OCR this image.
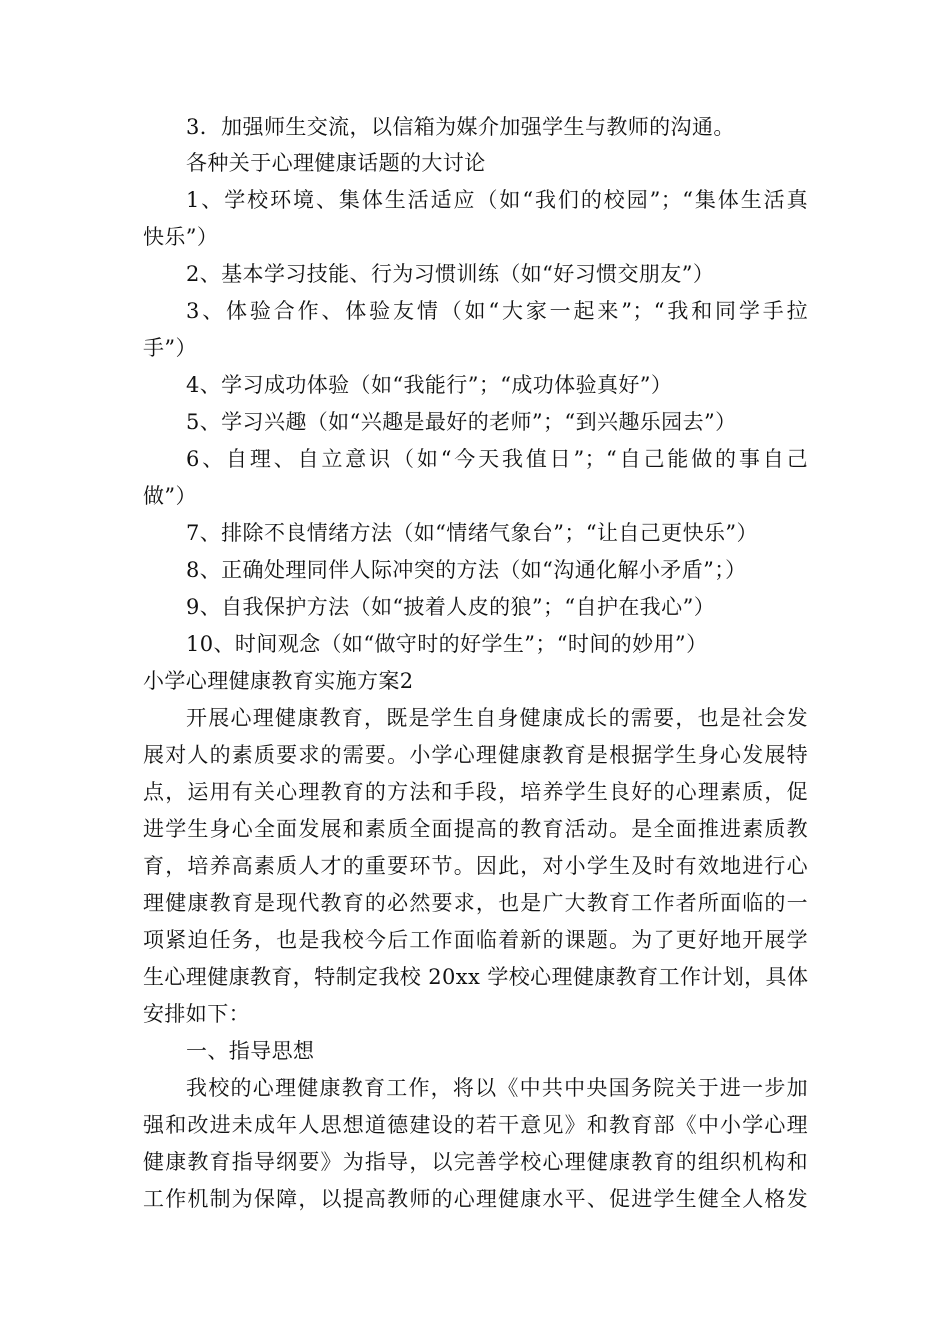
3．加强师生交流，以信箱为媒介加强学生与教师的沟通。
各种关于心理健康话题的大讨论
1、学校环境、集体生活适应（如“我们的校园”；“集体生活真
快乐”）
2、基本学习技能、行为习惯训练（如“好习惯交朋友”）
3、体验合作、体验友情（如“大家一起来”；“我和同学手拉
手”）
4、学习成功体验（如“我能行”；“成功体验真好”）
5、学习兴趣（如“兴趣是最好的老师”；“到兴趣乐园去”）
6、自理、自立意识（如“今天我值日”；“自己能做的事自己
做”）
7、排除不良情绪方法（如“情绪气象台”；“让自己更快乐”）
8、正确处理同伴人际冲突的方法（如“沟通化解小矛盾”；）
9、自我保护方法（如“披着人皮的狼”；“自护在我心”）
10、时间观念（如“做守时的好学生”；“时间的妙用”）
小学心理健康教育实施方案2
开展心理健康教育，既是学生自身健康成长的需要，也是社会发
展对人的素质要求的需要。小学心理健康教育是根据学生身心发展特
点，运用有关心理教育的方法和手段，培养学生良好的心理素质，促
进学生身心全面发展和素质全面提高的教育活动。是全面推进素质教
育，培养高素质人才的重要环节。因此，对小学生及时有效地进行心
理健康教育是现代教育的必然要求，也是广大教育工作者所面临的一
项紧迫任务，也是我校今后工作面临着新的课题。为了更好地开展学
生心理健康教育，特制定我校 20xx 学校心理健康教育工作计划，具体
安排如下：
一、指导思想
我校的心理健康教育工作，将以《中共中央国务院关于进一步加
强和改进未成年人思想道德建设的若干意见》和教育部《中小学心理
健康教育指导纲要》为指导，以完善学校心理健康教育的组织机构和
工作机制为保障，以提高教师的心理健康水平、促进学生健全人格发
